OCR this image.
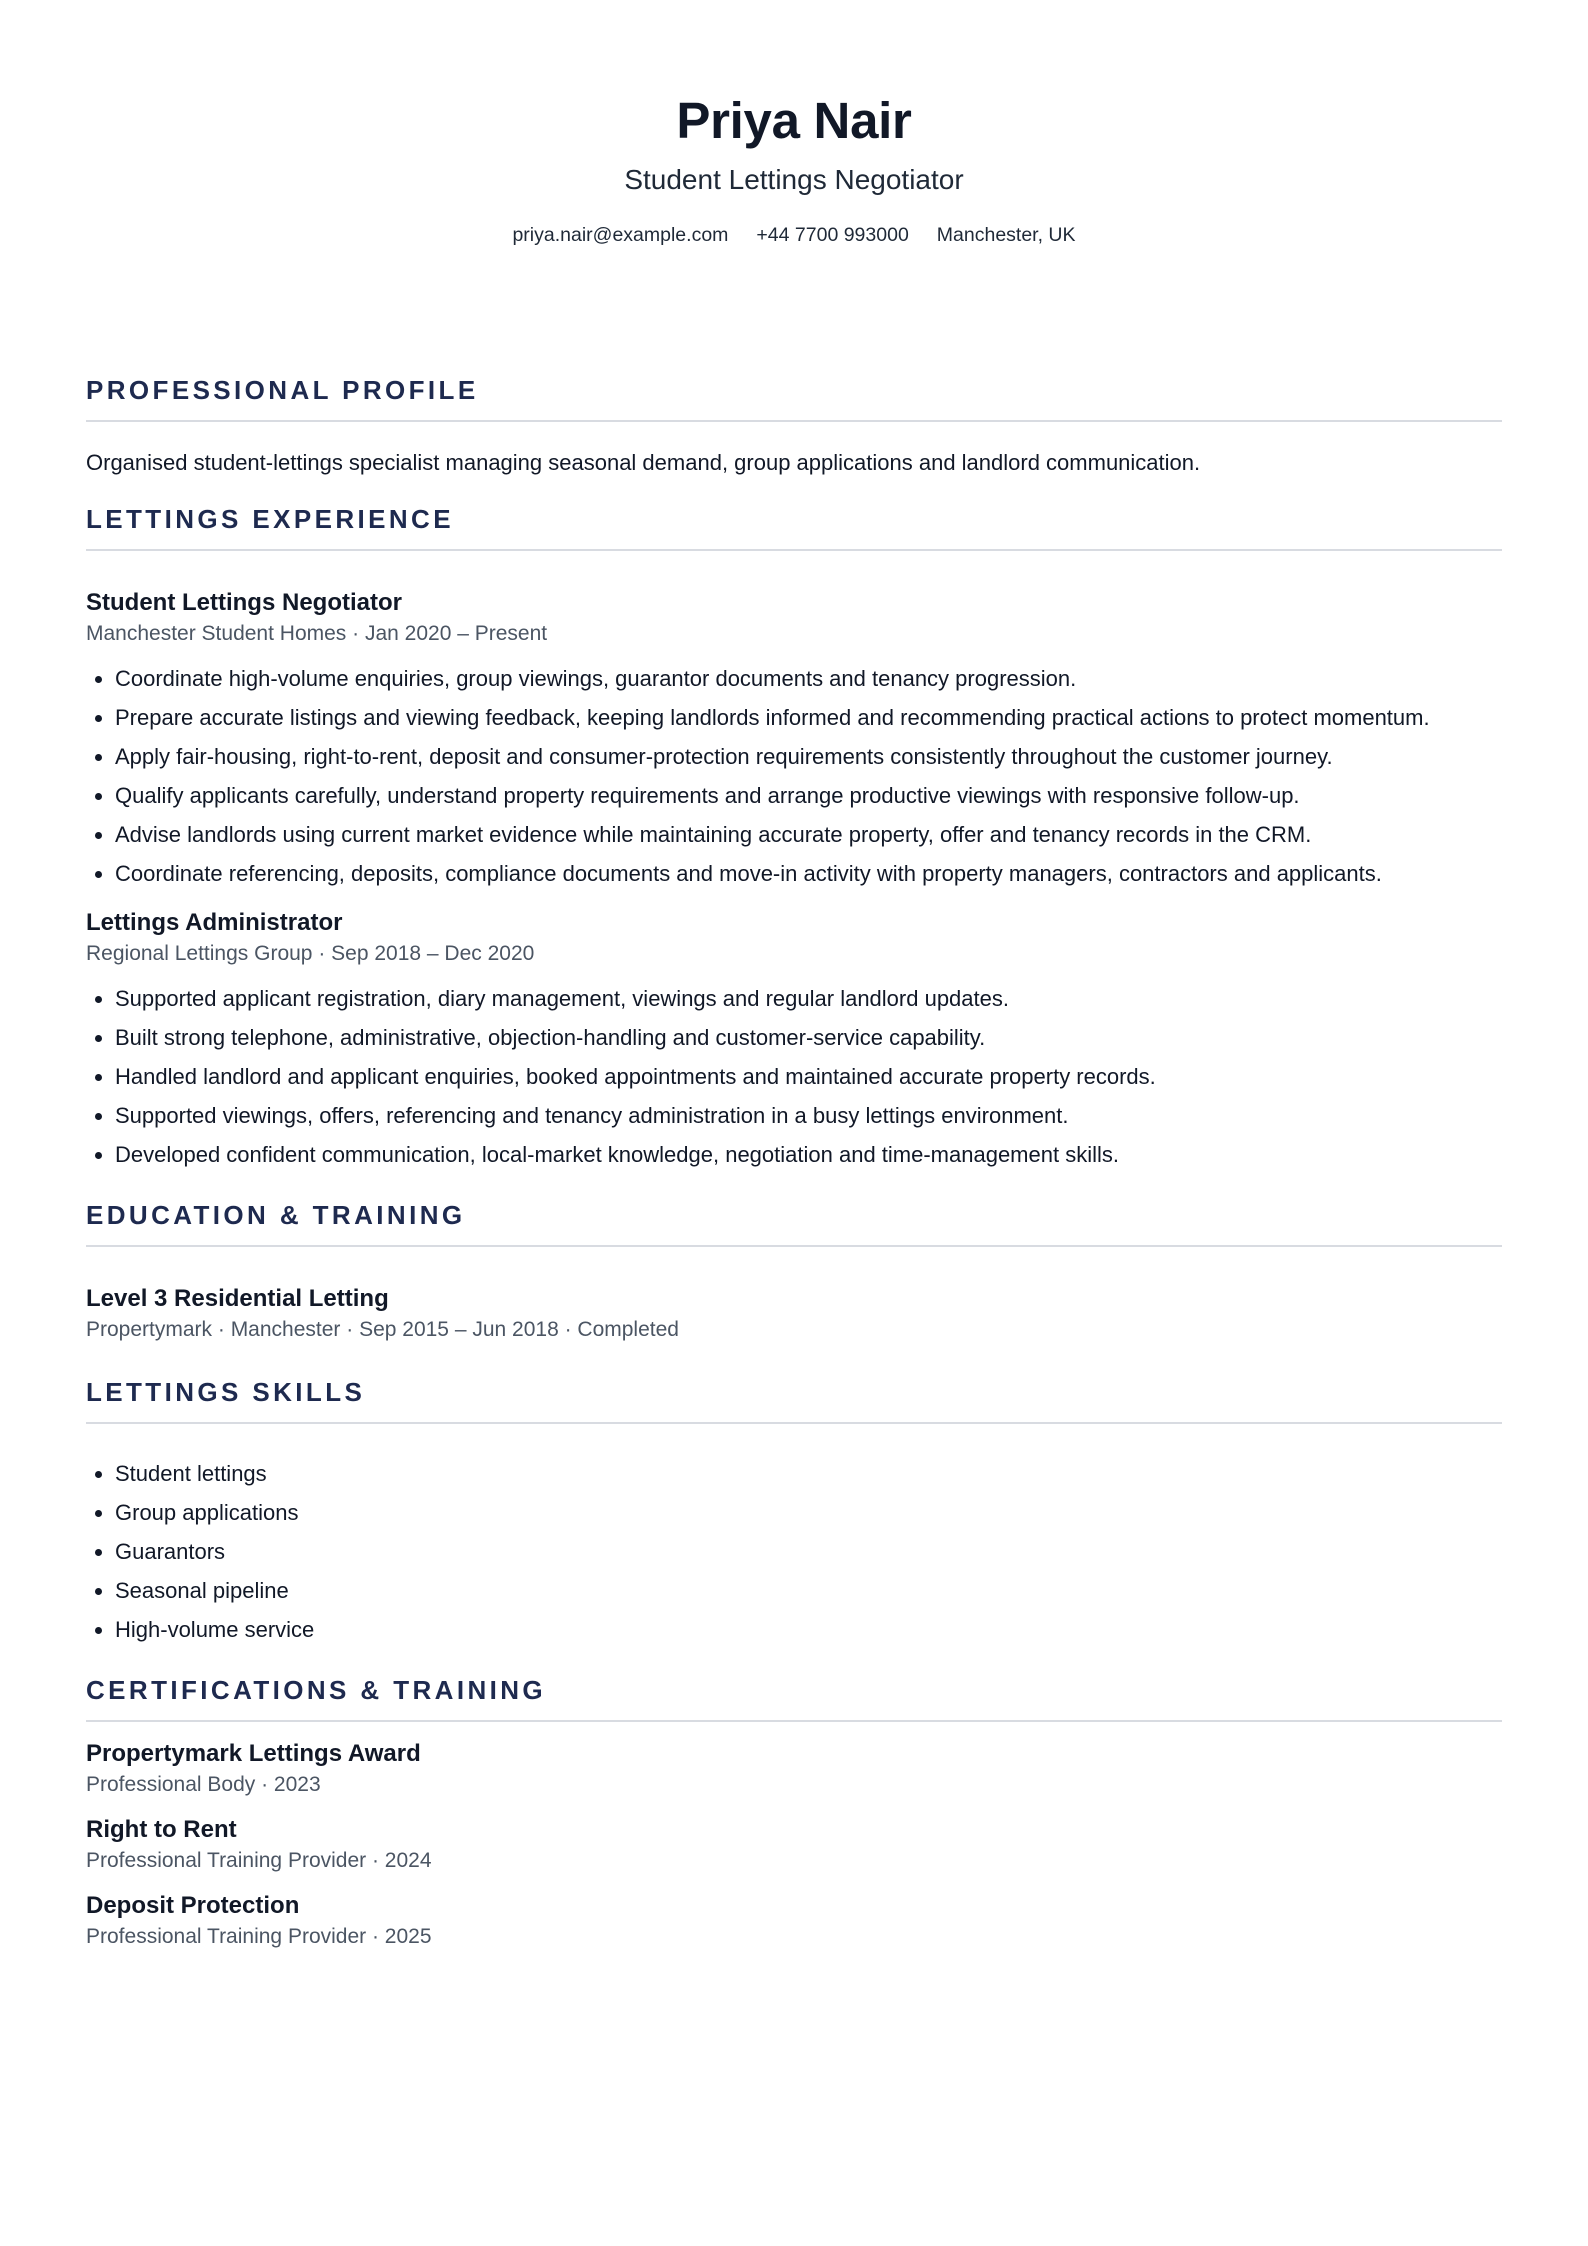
Priya Nair
Student Lettings Negotiator
priya.nair@example.com +44 7700 993000 Manchester, UK
PROFESSIONAL PROFILE

Organised student-lettings specialist managing seasonal demand, group applications and landlord communication.

LETTINGS EXPERIENCE
Student Lettings Negotiator
Manchester Student Homes · Jan 2020 – Present
• Coordinate high-volume enquiries, group viewings, guarantor documents and tenancy progression.
• Prepare accurate listings and viewing feedback, keeping landlords informed and recommending practical actions to protect momentum.
• Apply fair-housing, right-to-rent, deposit and consumer-protection requirements consistently throughout the customer journey.
• Qualify applicants carefully, understand property requirements and arrange productive viewings with responsive follow-up.
• Advise landlords using current market evidence while maintaining accurate property, offer and tenancy records in the CRM.
• Coordinate referencing, deposits, compliance documents and move-in activity with property managers, contractors and applicants.
Lettings Administrator
Regional Lettings Group · Sep 2018 – Dec 2020
• Supported applicant registration, diary management, viewings and regular landlord updates.
• Built strong telephone, administrative, objection-handling and customer-service capability.
• Handled landlord and applicant enquiries, booked appointments and maintained accurate property records.
• Supported viewings, offers, referencing and tenancy administration in a busy lettings environment.
• Developed confident communication, local-market knowledge, negotiation and time-management skills.
EDUCATION & TRAINING
Level 3 Residential Letting
Propertymark · Manchester · Sep 2015 – Jun 2018 · Completed
LETTINGS SKILLS
• Student lettings
• Group applications
• Guarantors
• Seasonal pipeline
• High-volume service
CERTIFICATIONS & TRAINING
Propertymark Lettings Award
Professional Body · 2023
Right to Rent
Professional Training Provider · 2024
Deposit Protection
Professional Training Provider · 2025
